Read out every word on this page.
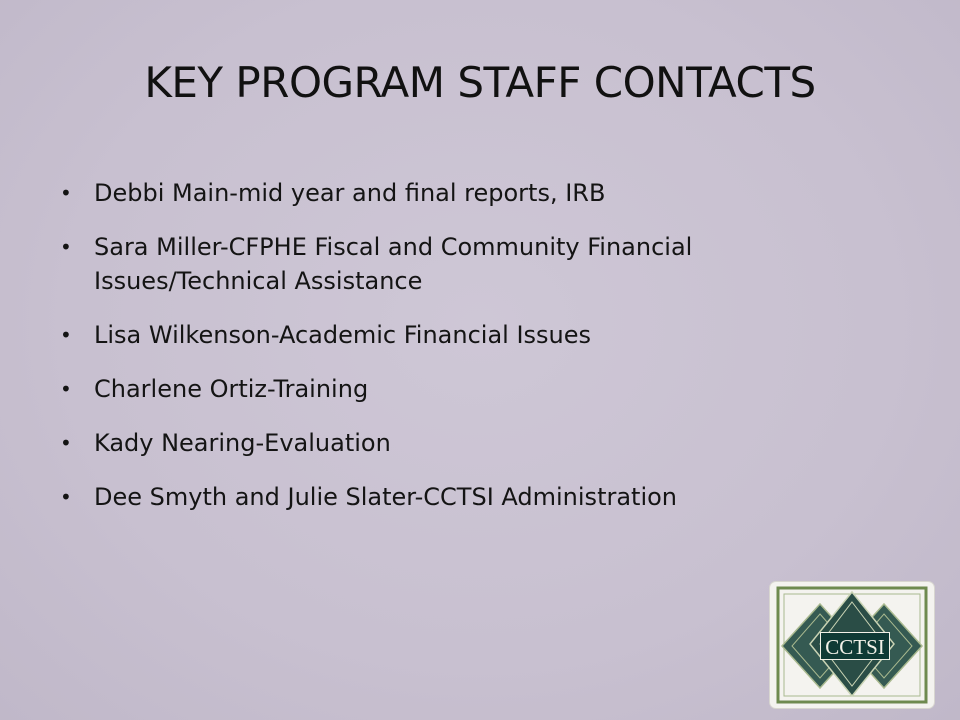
KEY PROGRAM STAFF CONTACTS
• Debbi Main-mid year and final reports, IRB
• Sara Miller-CFPHE Fiscal and Community Financial Issues/Technical Assistance
• Lisa Wilkenson-Academic Financial Issues
• Charlene Ortiz-Training
• Kady Nearing-Evaluation
• Dee Smyth and Julie Slater-CCTSI Administration
CCTSI
